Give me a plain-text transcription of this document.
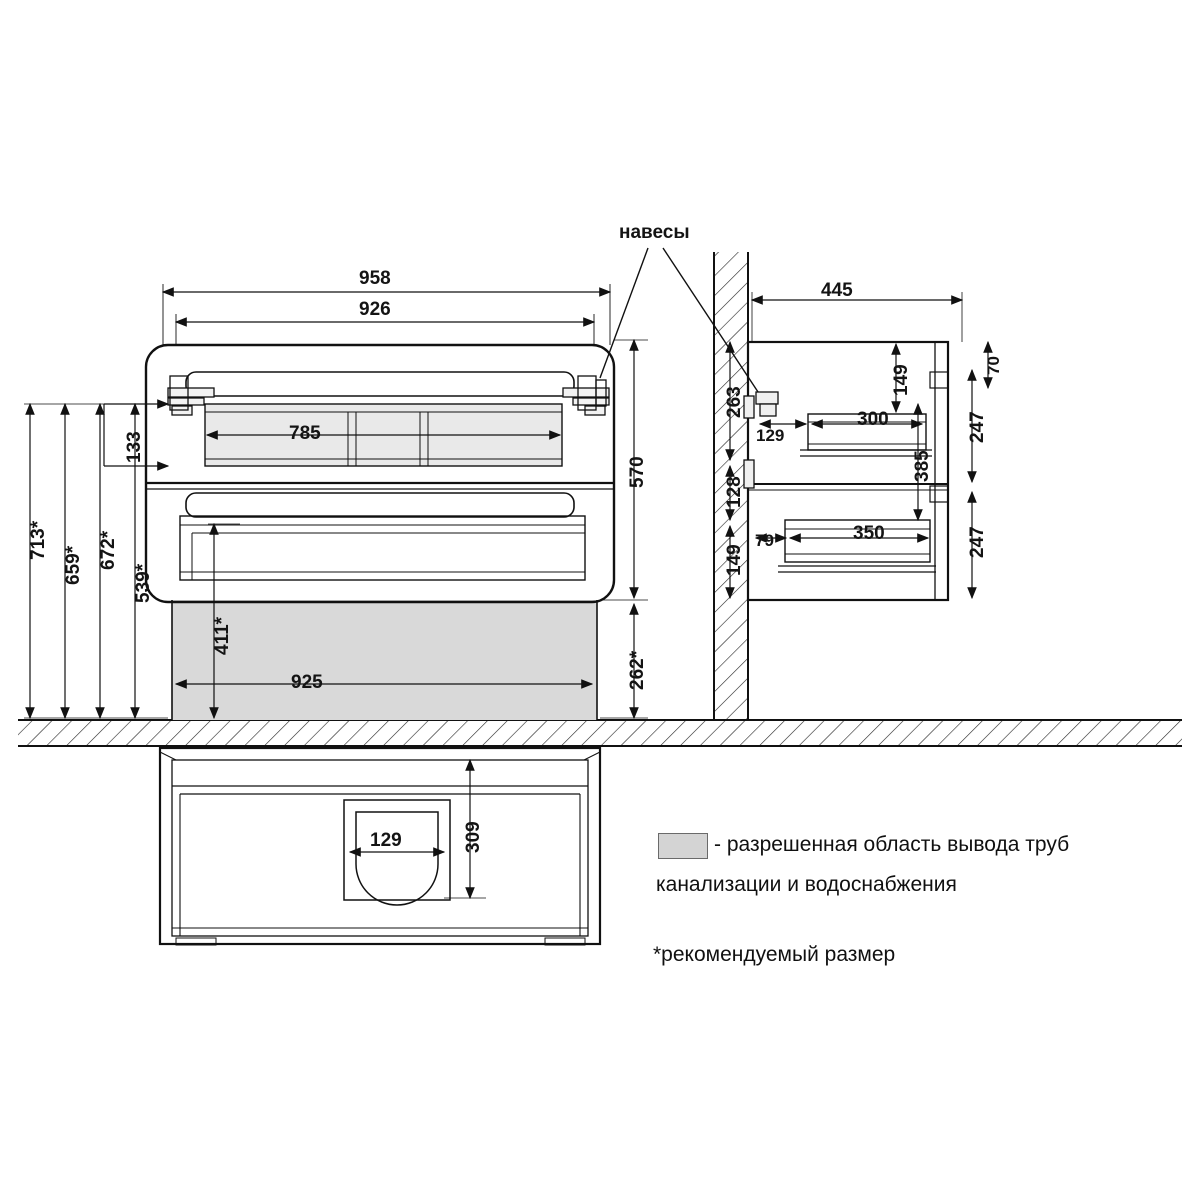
навесы
958
926
785
925
713*
659* 672*
539*
411*
133
570
262*
445
300
350
129
79
385
149
247
247
70
263
128
149
129	309	- разрешенная область вывода труб
канализации и водоснабжения
*рекомендуемый размер
